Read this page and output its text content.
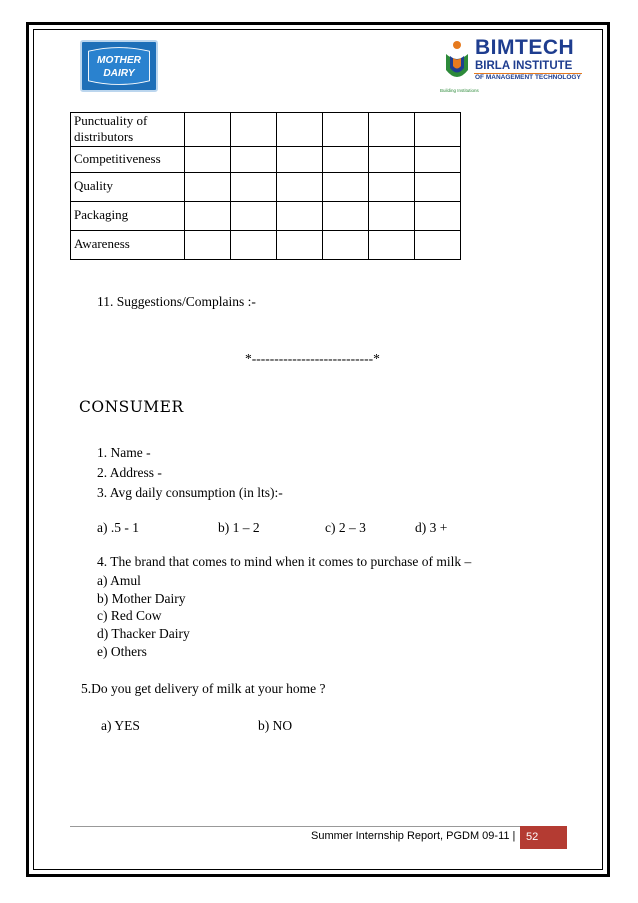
MOTHER
DAIRY
BIMTECH
BIRLA INSTITUTE
OF MANAGEMENT TECHNOLOGY
Building Institutions
Punctuality of distributors						
Competitiveness						
Quality						
Packaging						
Awareness						
11. Suggestions/Complains :-
*---------------------------*
CONSUMER
1. Name -
2. Address -
3. Avg daily consumption (in lts):-
a) .5 - 1	b) 1 – 2	c) 2 – 3	d) 3 +
4. The brand that comes to mind when it comes to purchase of milk –
a) Amul
b) Mother Dairy
c) Red Cow
d) Thacker Dairy
e) Others
5.Do you get delivery of milk at your home ?
a) YES	b) NO
Summer Internship Report, PGDM 09-11 | 52
